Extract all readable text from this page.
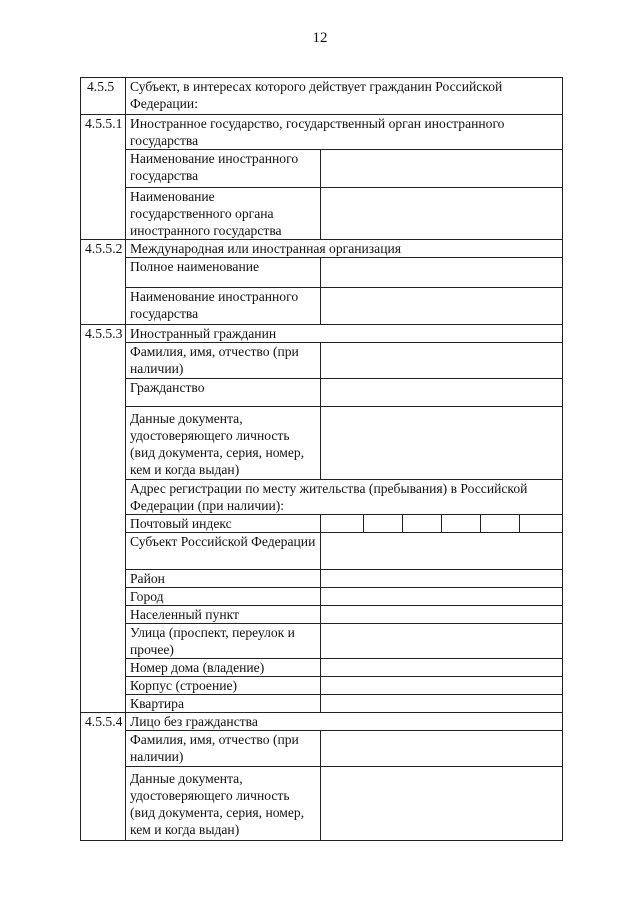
12
4.5.5	Субъект, в интересах которого действует гражданин Российской Федерации:	
4.5.5.1	Иностранное государство, государственный орган иностранного государства	
	Наименование иностранного государства	
	Наименование государственного органа иностранного государства	
4.5.5.2	Международная или иностранная организация	
	Полное наименование	
	Наименование иностранного государства	
4.5.5.3	Иностранный гражданин	
	Фамилия, имя, отчество (при наличии)	
	Гражданство	
	Данные документа, удостоверяющего личность (вид документа, серия, номер, кем и когда выдан)	
	Адрес регистрации по месту жительства (пребывания) в Российской Федерации (при наличии):	
	Почтовый индекс	

	Субъект Российской Федерации	
	Район	
	Город	
	Населенный пункт	
	Улица (проспект, переулок и прочее)	
	Номер дома (владение)	
	Корпус (строение)	
	Квартира	
4.5.5.4	Лицо без гражданства	
	Фамилия, имя, отчество (при наличии)	
	Данные документа, удостоверяющего личность (вид документа, серия, номер, кем и когда выдан)	
